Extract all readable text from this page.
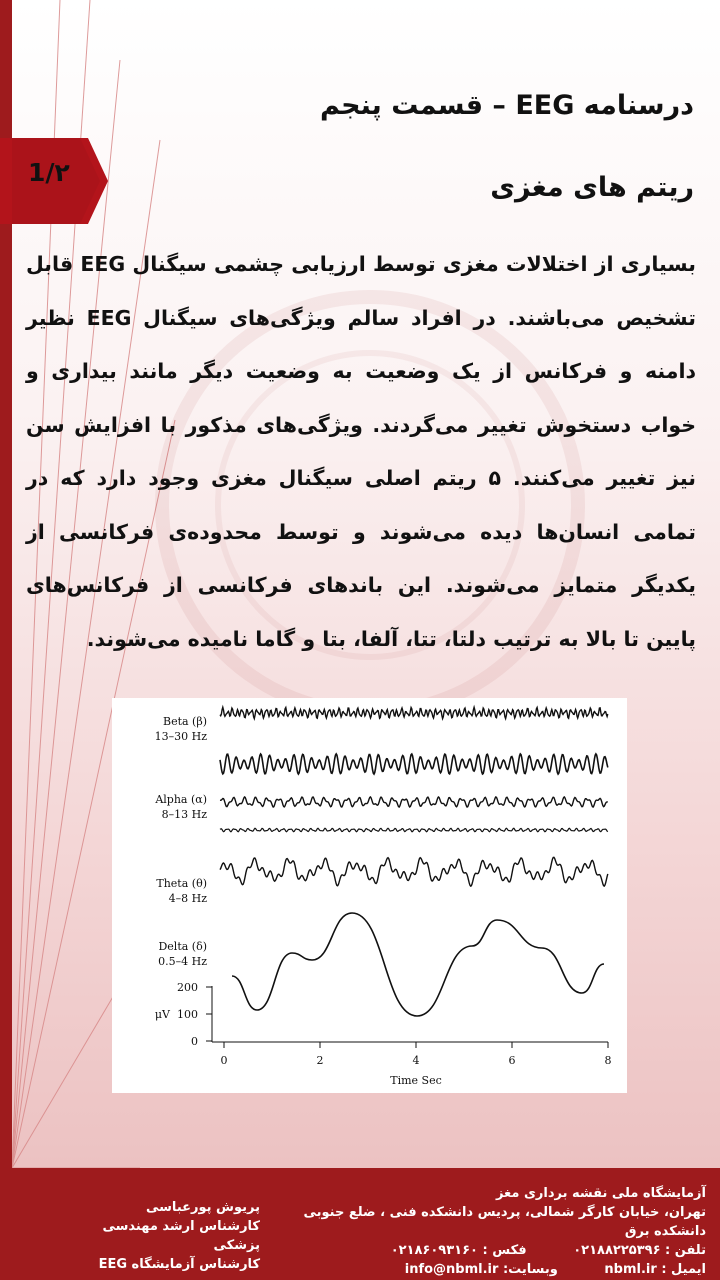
درسنامه EEG – قسمت پنجم
1/۲	ریتم های مغزی
بسیاری از اختلالات مغزی توسط ارزیابی چشمی سیگنال EEG قابل تشخیص می‌باشند. در افراد سالم ویژگی‌های سیگنال EEG نظیر دامنه و فرکانس از یک وضعیت به وضعیت دیگر مانند بیداری و خواب دستخوش تغییر می‌گردند. ویژگی‌های مذکور با افزایش سن نیز تغییر می‌کنند. ۵ ریتم اصلی سیگنال مغزی وجود دارد که در تمامی انسان‌ها دیده می‌شوند و توسط محدوده‌ی فرکانسی از یکدیگر متمایز می‌شوند. این باندهای فرکانسی از فرکانس‌های پایین تا بالا به ترتیب دلتا، تتا، آلفا، بتا و گاما نامیده می‌شوند.
Beta (β)
13–30 Hz
Alpha (α)
8–13 Hz
Theta (θ)
4–8 Hz
Delta (δ)
0.5–4 Hz
200
μV 100
0
0	2	4	6	8
Time Sec
آزمایشگاه ملی نقشه برداری مغز
تهران، خیابان کارگر شمالی، پردیس دانشکده فنی ، ضلع جنوبی دانشکده برق
تلفن : ۰۲۱۸۸۲۲۵۳۹۶ فکس : ۰۲۱۸۶۰۹۳۱۶۰
ایمیل : info@nbml.ir وبسایت:	nbml.ir
پریوش پورعباسی
کارشناس ارشد مهندسی پزشکی
کارشناس آزمایشگاه EEG
